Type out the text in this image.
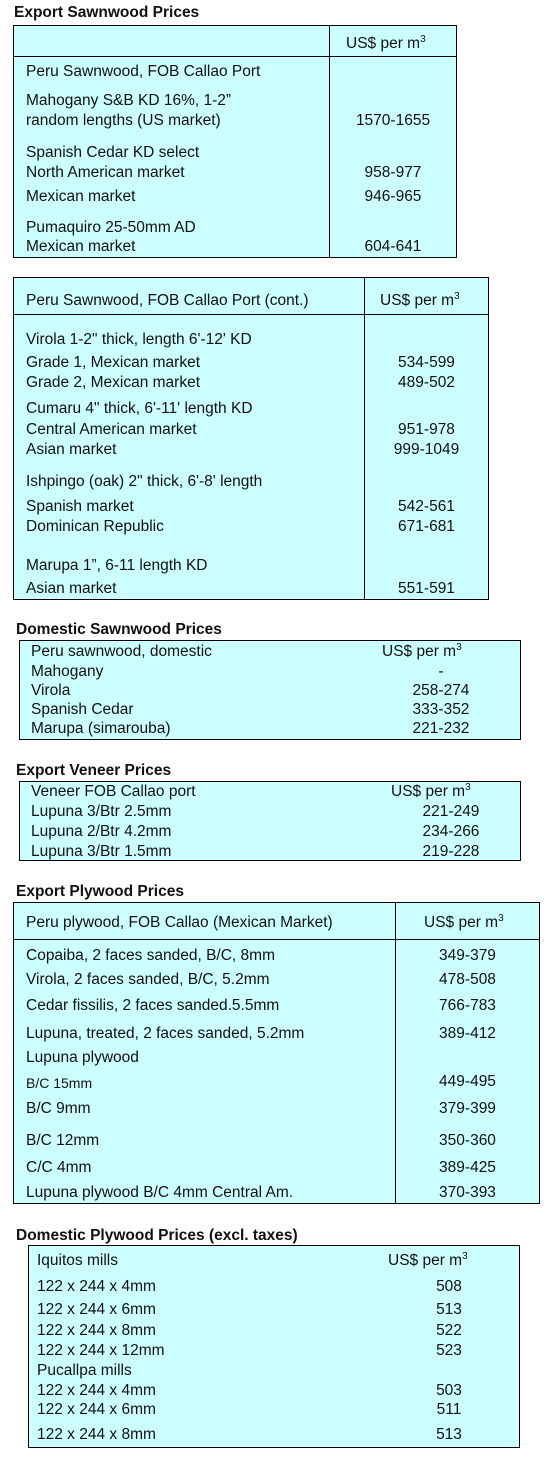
Export Sawnwood Prices
US$ per $m^3$
Peru Sawnwood, FOB Callao Port
Mahogany S&B KD 16%, 1-2”
random lengths (US market)	1570-1655
Spanish Cedar KD select
North American market	958-977
Mexican market	946-965
Pumaquiro 25-50mm AD
Mexican market	604-641
Peru Sawnwood, FOB Callao Port (cont.)	US$ per $m^3$
Virola 1-2" thick, length 6'-12' KD
Grade 1, Mexican market	534-599
Grade 2, Mexican market	489-502
Cumaru 4" thick, 6'-11' length KD
Central American market	951-978
Asian market	999-1049
Ishpingo (oak) 2" thick, 6'-8' length
Spanish market	542-561
Dominican Republic	671-681
Marupa 1”, 6-11 length KD
Asian market	551-591
Domestic Sawnwood Prices
Peru sawnwood, domestic	US$ per $m^3$
Mahogany	-
Virola	258-274
Spanish Cedar	333-352
Marupa (simarouba)	221-232
Export Veneer Prices
Veneer FOB Callao port	US$ per $m^3$
Lupuna 3/Btr 2.5mm	221-249
Lupuna 2/Btr 4.2mm	234-266
Lupuna 3/Btr 1.5mm	219-228
Export Plywood Prices
Peru plywood, FOB Callao (Mexican Market)	US$ per $m^3$
Copaiba, 2 faces sanded, B/C, 8mm	349-379
Virola, 2 faces sanded, B/C, 5.2mm	478-508
Cedar fissilis, 2 faces sanded.5.5mm	766-783
Lupuna, treated, 2 faces sanded, 5.2mm	389-412
Lupuna plywood
B/C 15mm	449-495
B/C 9mm	379-399
B/C 12mm	350-360
C/C 4mm	389-425
Lupuna plywood B/C 4mm Central Am.	370-393
Domestic Plywood Prices (excl. taxes)
Iquitos mills	US$ per $m^3$
122 x 244 x 4mm	508
122 x 244 x 6mm	513
122 x 244 x 8mm	522
122 x 244 x 12mm	523
Pucallpa mills
122 x 244 x 4mm	503
122 x 244 x 6mm	511
122 x 244 x 8mm	513
